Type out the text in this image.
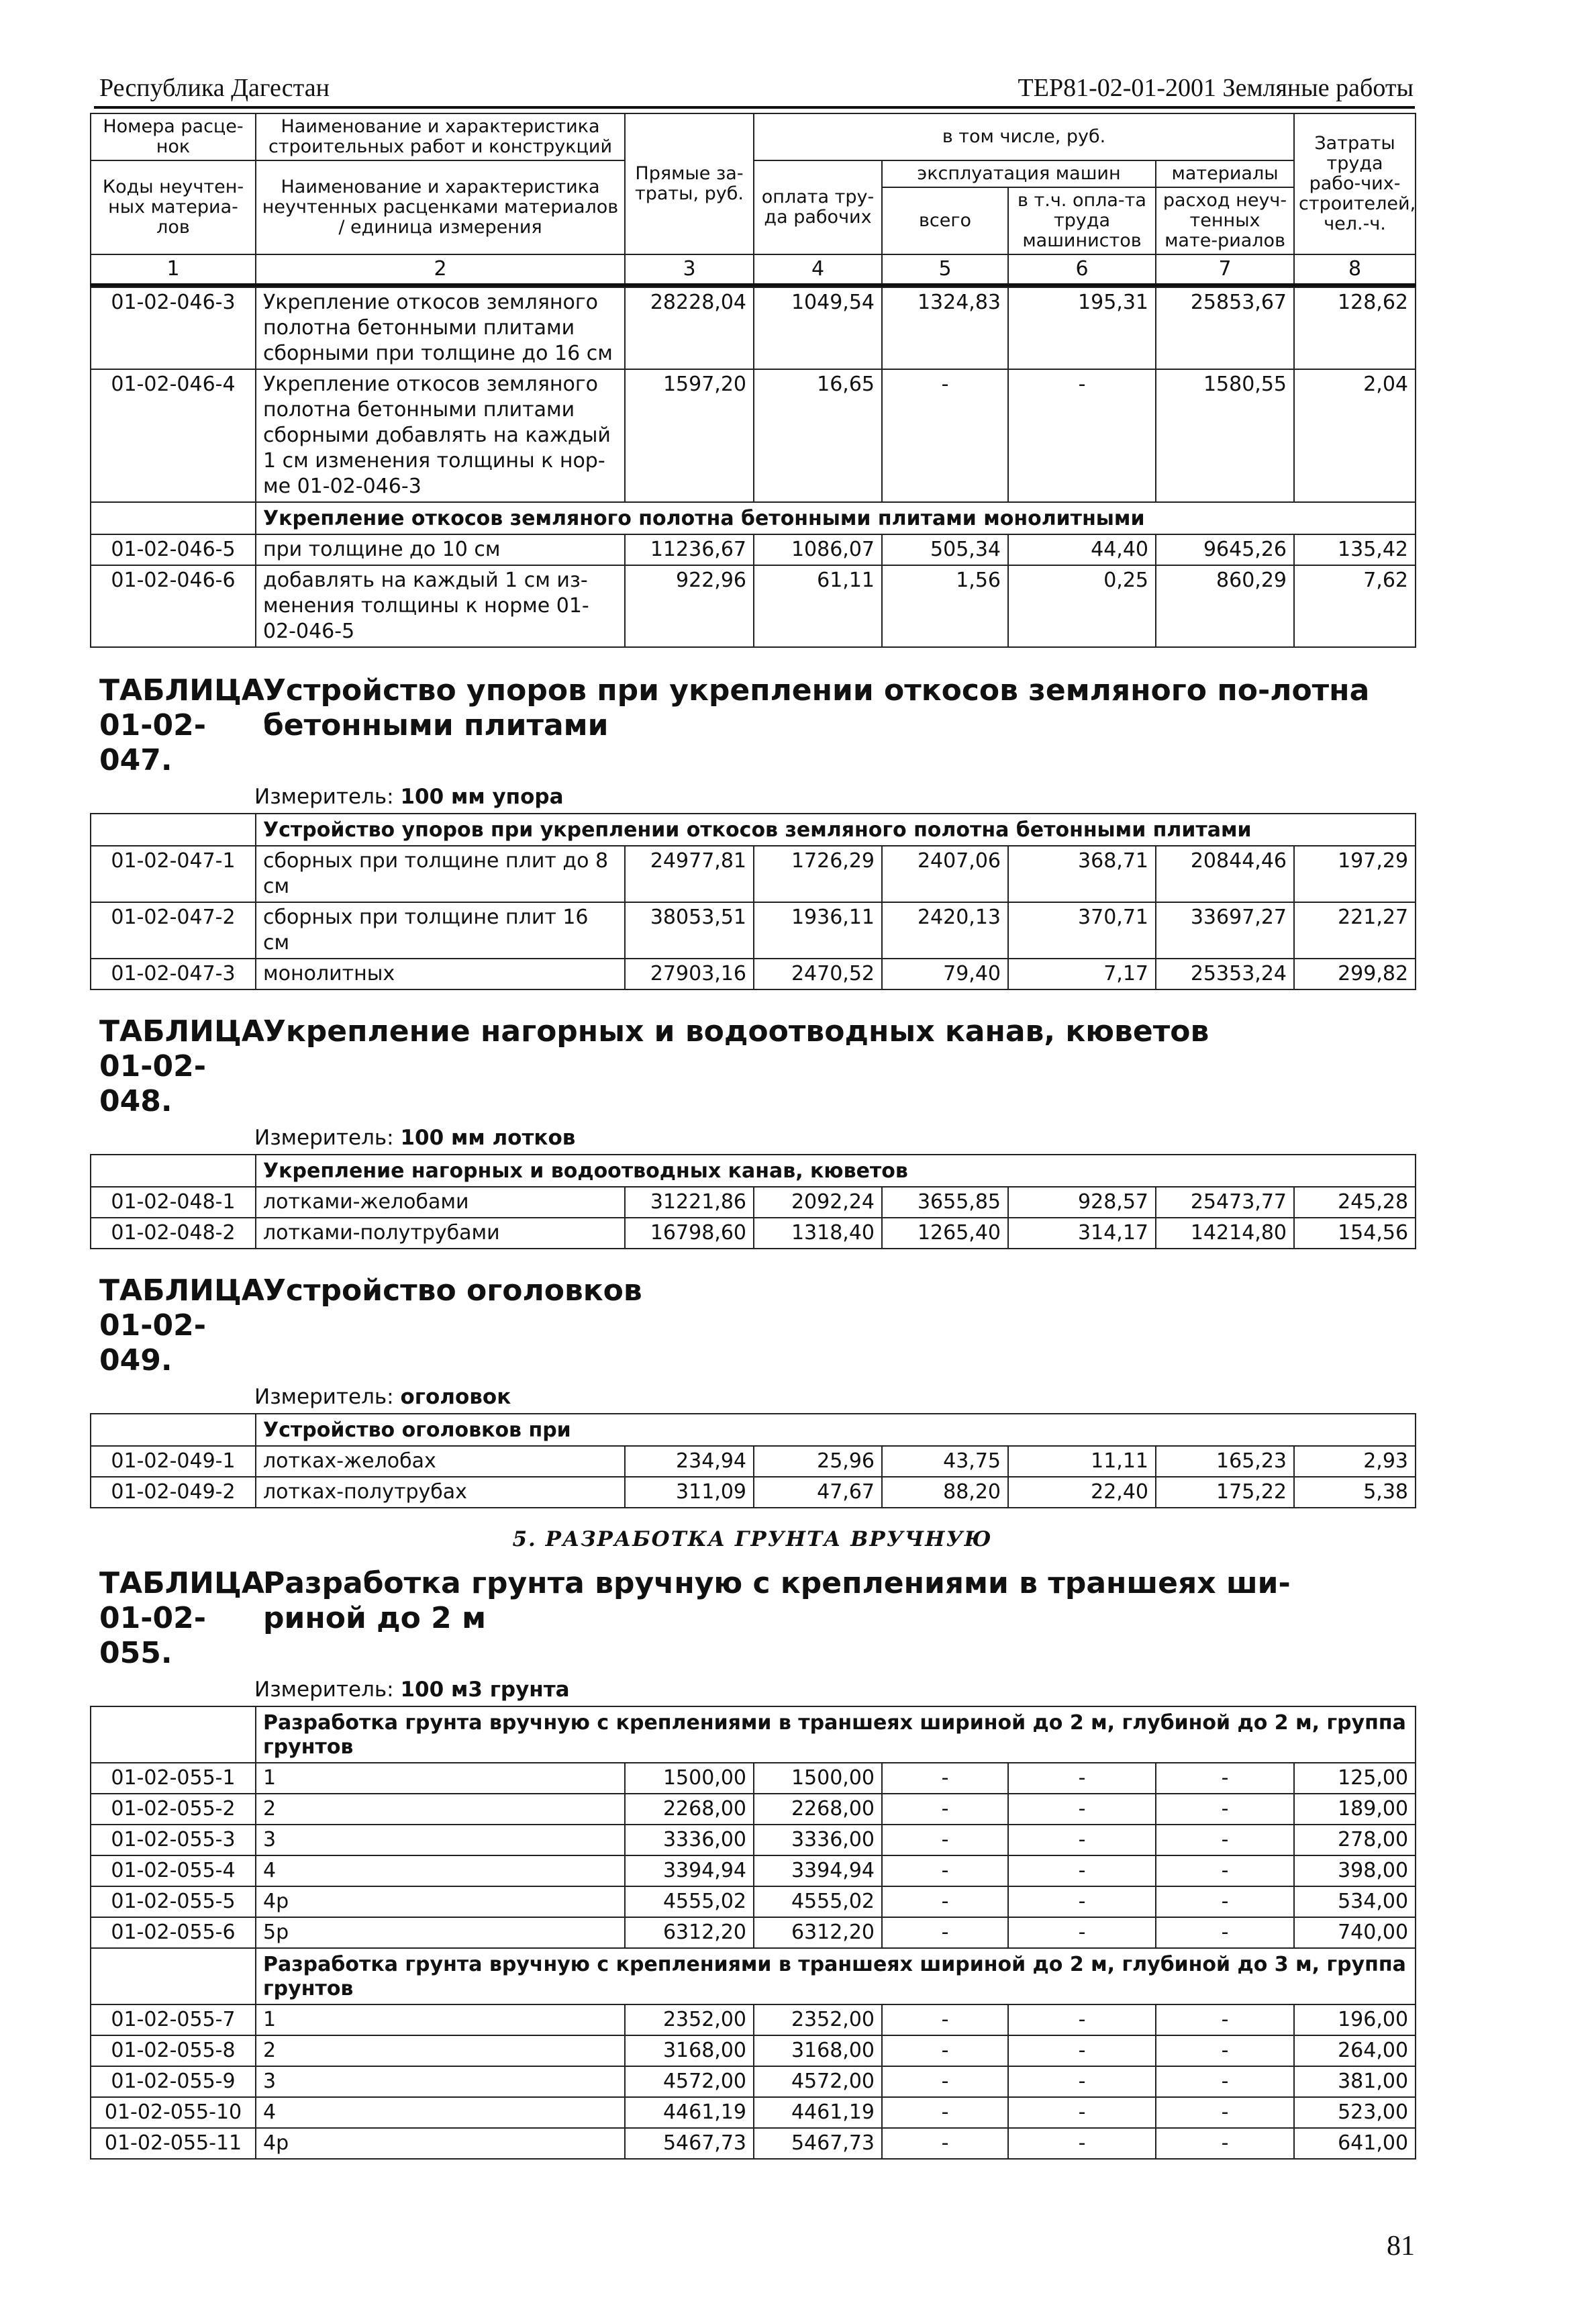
Республика Дагестан	ТЕР81-02-01-2001 Земляные работы
Номера расце-нок	Наименование и характеристика строительных работ и конструкций	Прямые за-траты, руб.	в том числе, руб.				Затраты труда рабо-чих-строителей, чел.-ч.
Коды неучтен-ных материа-лов	Наименование и характеристика неучтенных расценками материалов / единица измерения		оплата тру-да рабочих	эксплуатация машин		материалы	
				всего	в т.ч. опла-та труда машинистов	расход неуч-тенных мате-риалов	
1	2	3	4	5	6	7	8
01-02-046-3	Укрепление откосов земляного полотна бетонными плитами сборными при толщине до 16 см	28228,04	1049,54	1324,83	195,31	25853,67	128,62
01-02-046-4	Укрепление откосов земляного полотна бетонными плитами сборными добавлять на каждый 1 см изменения толщины к нор-ме 01-02-046-3	1597,20	16,65	-	-	1580,55	2,04
	Укрепление откосов земляного полотна бетонными плитами монолитными						
01-02-046-5	при толщине до 10 см	11236,67	1086,07	505,34	44,40	9645,26	135,42
01-02-046-6	добавлять на каждый 1 см из-менения толщины к норме 01-02-046-5	922,96	61,11	1,56	0,25	860,29	7,62
ТАБЛИЦА 01-02-047.Устройство упоров при укреплении откосов земляного по-лотна бетонными плитами
Измеритель: 100 мм упора
	Устройство упоров при укреплении откосов земляного полотна бетонными плитами						
01-02-047-1	сборных при толщине плит до 8 см	24977,81	1726,29	2407,06	368,71	20844,46	197,29
01-02-047-2	сборных при толщине плит 16 см	38053,51	1936,11	2420,13	370,71	33697,27	221,27
01-02-047-3	монолитных	27903,16	2470,52	79,40	7,17	25353,24	299,82
ТАБЛИЦА 01-02-048.Укрепление нагорных и водоотводных канав, кюветов
Измеритель: 100 мм лотков
	Укрепление нагорных и водоотводных канав, кюветов						
01-02-048-1	лотками-желобами	31221,86	2092,24	3655,85	928,57	25473,77	245,28
01-02-048-2	лотками-полутрубами	16798,60	1318,40	1265,40	314,17	14214,80	154,56
ТАБЛИЦА 01-02-049.Устройство оголовков
Измеритель: оголовок
	Устройство оголовков при						
01-02-049-1	лотках-желобах	234,94	25,96	43,75	11,11	165,23	2,93
01-02-049-2	лотках-полутрубах	311,09	47,67	88,20	22,40	175,22	5,38
5. РАЗРАБОТКА ГРУНТА ВРУЧНУЮ
ТАБЛИЦА 01-02-055.Разработка грунта вручную с креплениями в траншеях ши-риной до 2 м
Измеритель: 100 м3 грунта
	Разработка грунта вручную с креплениями в траншеях шириной до 2 м, глубиной до 2 м, группа грунтов						
01-02-055-1	1	1500,00	1500,00	-	-	-	125,00
01-02-055-2	2	2268,00	2268,00	-	-	-	189,00
01-02-055-3	3	3336,00	3336,00	-	-	-	278,00
01-02-055-4	4	3394,94	3394,94	-	-	-	398,00
01-02-055-5	4р	4555,02	4555,02	-	-	-	534,00
01-02-055-6	5р	6312,20	6312,20	-	-	-	740,00
	Разработка грунта вручную с креплениями в траншеях шириной до 2 м, глубиной до 3 м, группа грунтов						
01-02-055-7	1	2352,00	2352,00	-	-	-	196,00
01-02-055-8	2	3168,00	3168,00	-	-	-	264,00
01-02-055-9	3	4572,00	4572,00	-	-	-	381,00
01-02-055-10	4	4461,19	4461,19	-	-	-	523,00
01-02-055-11	4р	5467,73	5467,73	-	-	-	641,00
81
